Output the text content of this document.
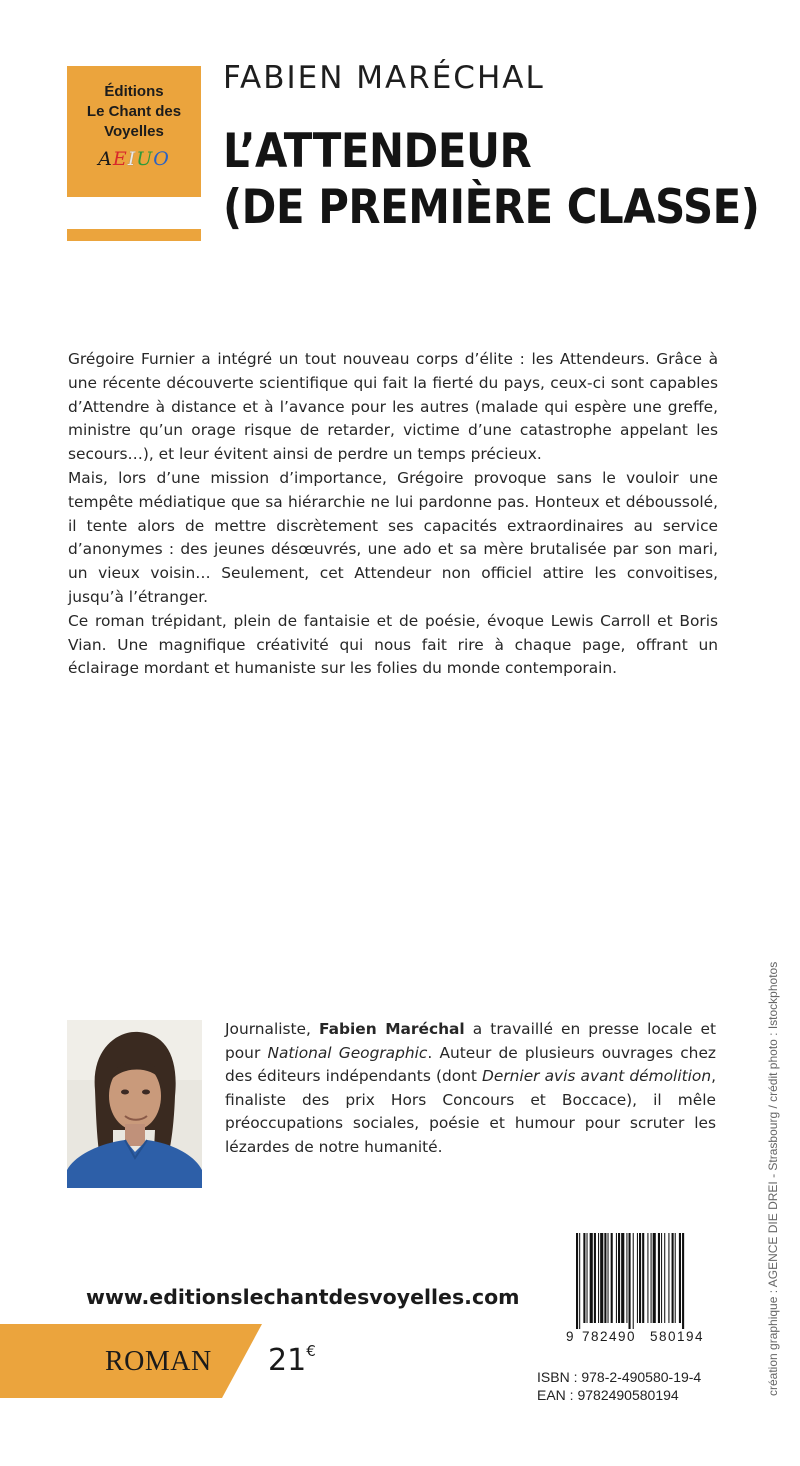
Éditions
Le Chant des
Voyelles
AEIUO
FABIEN MARÉCHAL
L’ATTENDEUR
(DE PREMIÈRE CLASSE)

Grégoire Furnier a intégré un tout nouveau corps d’élite : les Attendeurs. Grâce à une récente découverte scientifique qui fait la fierté du pays, ceux-ci sont capables d’Attendre à distance et à l’avance pour les autres (malade qui espère une greffe, ministre qu’un orage risque de retarder, victime d’une catastrophe appelant les secours…), et leur évitent ainsi de perdre un temps précieux.

Mais, lors d’une mission d’importance, Grégoire provoque sans le vouloir une tempête médiatique que sa hiérarchie ne lui pardonne pas. Honteux et déboussolé, il tente alors de mettre discrètement ses capacités extraordinaires au service d’anonymes : des jeunes désœuvrés, une ado et sa mère brutalisée par son mari, un vieux voisin… Seulement, cet Attendeur non officiel attire les convoitises, jusqu’à l’étranger.

Ce roman trépidant, plein de fantaisie et de poésie, évoque Lewis Carroll et Boris Vian. Une magnifique créativité qui nous fait rire à chaque page, offrant un éclairage mordant et humaniste sur les folies du monde contemporain.

Journaliste, Fabien Maréchal a travaillé en presse locale et pour National Geographic. Auteur de plusieurs ouvrages chez des éditeurs indépendants (dont Dernier avis avant démolition, finaliste des prix Hors Concours et Boccace), il mêle préoccupations sociales, poésie et humour pour scruter les lézardes de notre humanité.
www.editionslechantdesvoyelles.com
ROMAN 21€
9 782490 580194
ISBN : 978-2-490580-19-4
EAN : 9782490580194	création graphique : AGENCE DIE DREI - Strasbourg / crédit photo : Istockphotos
